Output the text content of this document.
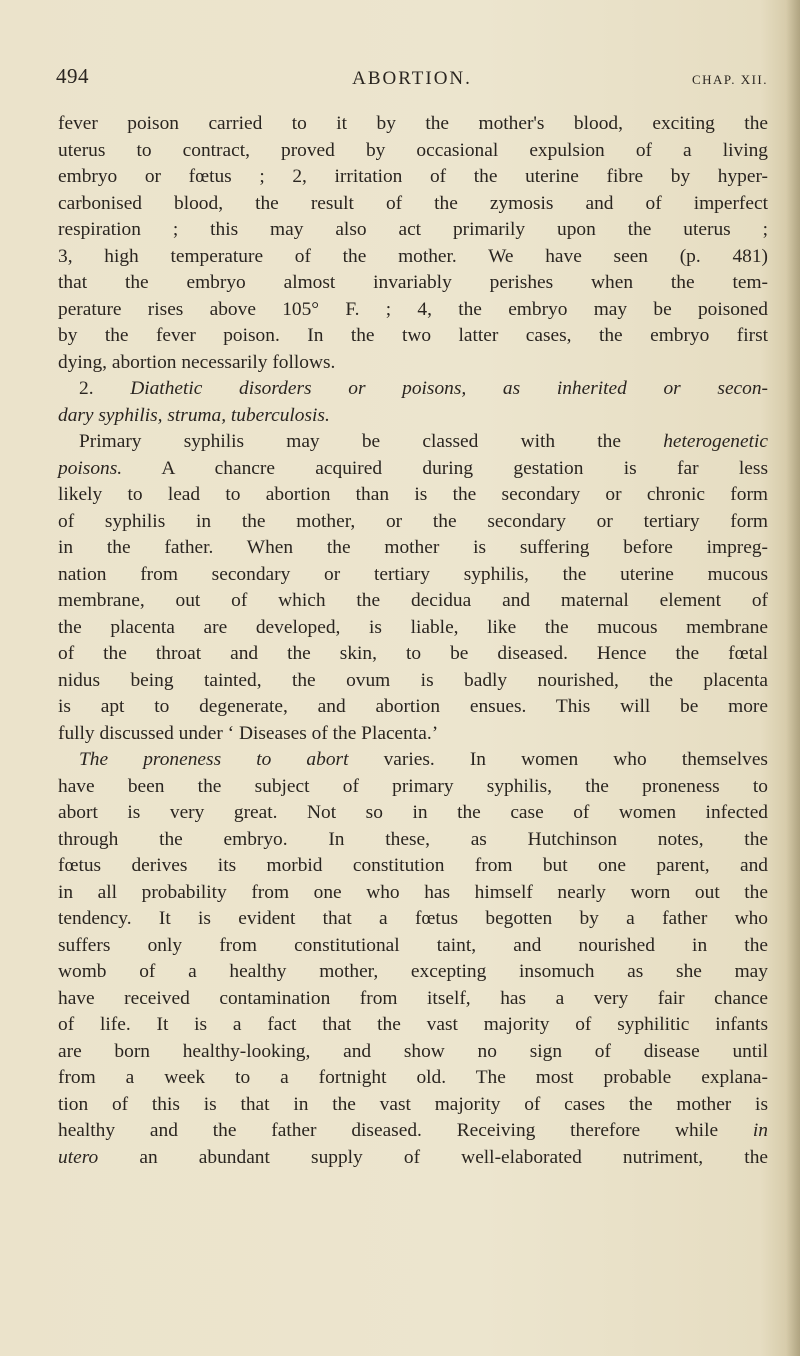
494	ABORTION.	CHAP. XII.
fever poison carried to it by the mother's blood, exciting the
uterus to contract, proved by occasional expulsion of a living
embryo or fœtus ; 2, irritation of the uterine fibre by hyper-
carbonised blood, the result of the zymosis and of imperfect
respiration ; this may also act primarily upon the uterus ;
3, high temperature of the mother. We have seen (p. 481)
that the embryo almost invariably perishes when the tem-
perature rises above 105° F. ; 4, the embryo may be poisoned
by the fever poison. In the two latter cases, the embryo first
dying, abortion necessarily follows.
2. Diathetic disorders or poisons, as inherited or secon-
dary syphilis, struma, tuberculosis.
Primary syphilis may be classed with the heterogenetic
poisons. A chancre acquired during gestation is far less
likely to lead to abortion than is the secondary or chronic form
of syphilis in the mother, or the secondary or tertiary form
in the father. When the mother is suffering before impreg-
nation from secondary or tertiary syphilis, the uterine mucous
membrane, out of which the decidua and maternal element of
the placenta are developed, is liable, like the mucous membrane
of the throat and the skin, to be diseased. Hence the fœtal
nidus being tainted, the ovum is badly nourished, the placenta
is apt to degenerate, and abortion ensues. This will be more
fully discussed under ‘ Diseases of the Placenta.’
The proneness to abort varies. In women who themselves
have been the subject of primary syphilis, the proneness to
abort is very great. Not so in the case of women infected
through the embryo. In these, as Hutchinson notes, the
fœtus derives its morbid constitution from but one parent, and
in all probability from one who has himself nearly worn out the
tendency. It is evident that a fœtus begotten by a father who
suffers only from constitutional taint, and nourished in the
womb of a healthy mother, excepting insomuch as she may
have received contamination from itself, has a very fair chance
of life. It is a fact that the vast majority of syphilitic infants
are born healthy-looking, and show no sign of disease until
from a week to a fortnight old. The most probable explana-
tion of this is that in the vast majority of cases the mother is
healthy and the father diseased. Receiving therefore while in
utero an abundant supply of well-elaborated nutriment, the
